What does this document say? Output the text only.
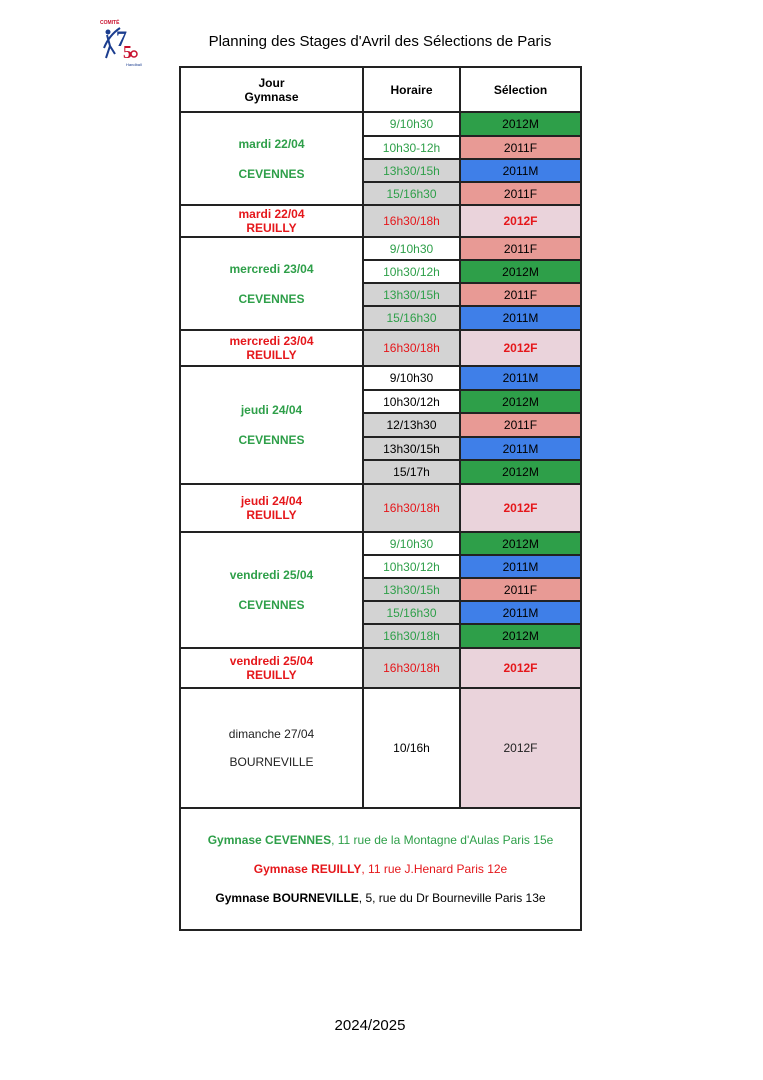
COMITÉ
7
5
Handball
Planning des Stages d'Avril des Sélections de Paris
Jour
Gymnase	Horaire	Sélection

mardi 22/04
CEVENNES	9/10h30	2012M
	10h30-12h	2011F
	13h30/15h	2011M
	15/16h30	2011F

mardi 22/04
REUILLY	16h30/18h	2012F

mercredi 23/04
CEVENNES	9/10h30	2011F
	10h30/12h	2012M
	13h30/15h	2011F
	15/16h30	2011M

mercredi 23/04
REUILLY	16h30/18h	2012F

jeudi 24/04
CEVENNES	9/10h30	2011M
	10h30/12h	2012M
	12/13h30	2011F
	13h30/15h	2011M
	15/17h	2012M

jeudi 24/04
REUILLY	16h30/18h	2012F

vendredi 25/04
CEVENNES	9/10h30	2012M
	10h30/12h	2011M
	13h30/15h	2011F
	15/16h30	2011M
	16h30/18h	2012M

vendredi 25/04
REUILLY	16h30/18h	2012F

dimanche 27/04
BOURNEVILLE	10/16h	2012F

Gymnase CEVENNES, 11 rue de la Montagne d'Aulas Paris 15e

Gymnase REUILLY, 11 rue J.Henard Paris 12e

Gymnase BOURNEVILLE, 5, rue du Dr Bourneville Paris 13e		

2024/2025
